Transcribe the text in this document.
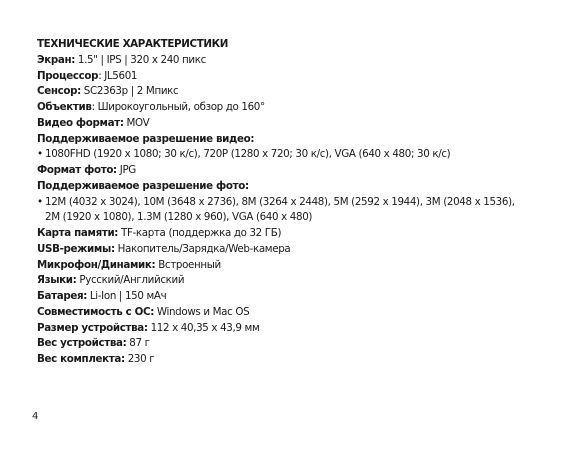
ТЕХНИЧЕСКИЕ ХАРАКТЕРИСТИКИ

Экран: 1.5" | IPS | 320 x 240 пикс

Процессор: JL5601

Сенсор: SC2363p | 2 Мпикс

Объектив: Широкоугольный, обзор до 160°

Видео формат: MOV

Поддерживаемое разрешение видео:

• 1080FHD (1920 x 1080; 30 к/с), 720P (1280 x 720; 30 к/с), VGA (640 x 480; 30 к/с)

Формат фото: JPG

Поддерживаемое разрешение фото:

• 12M (4032 x 3024), 10M (3648 x 2736), 8M (3264 x 2448), 5M (2592 x 1944), 3M (2048 x 1536),

2M (1920 x 1080), 1.3M (1280 x 960), VGA (640 x 480)

Карта памяти: TF-карта (поддержка до 32 ГБ)

USB-режимы: Накопитель/Зарядка/Web-камера

Микрофон/Динамик: Встроенный

Языки: Русский/Английский

Батарея: Li-Ion | 150 мАч

Совместимость с ОС: Windows и Mac OS

Размер устройства: 112 х 40,35 х 43,9 мм

Вес устройства: 87 г

Вес комплекта: 230 г

4
